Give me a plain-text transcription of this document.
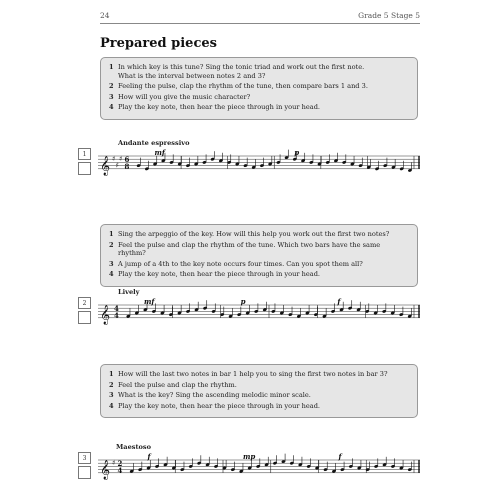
24	Grade 5 Stage 5
Prepared pieces
1 In which key is this tune? Sing the tonic triad and work out the first note.
What is the interval between notes 2 and 3?
2 Feeling the pulse, clap the rhythm of the tune, then compare bars 1 and 3.
3 How will you give the music character?
4 Play the key note, then hear the piece through in your head.
Andante espressivo
1
𝄞 ♯
♯
♯ 6
8
mf	p
1 Sing the arpeggio of the key. How will this help you work out the first two notes?
2 Feel the pulse and clap the rhythm of the tune. Which two bars have the same rhythm?
3 A jump of a 4th to the key note occurs four times. Can you spot them all?
4 Play the key note, then hear the piece through in your head.
Lively
2
𝄞 4
4
mf	p	f
1 How will the last two notes in bar 1 help you to sing the first two notes in bar 3?
2 Feel the pulse and clap the rhythm.
3 What is the key? Sing the ascending melodic minor scale.
4 Play the key note, then hear the piece through in your head.
Maestoso
3
𝄞 ♯ 2
4
f	mp	f
